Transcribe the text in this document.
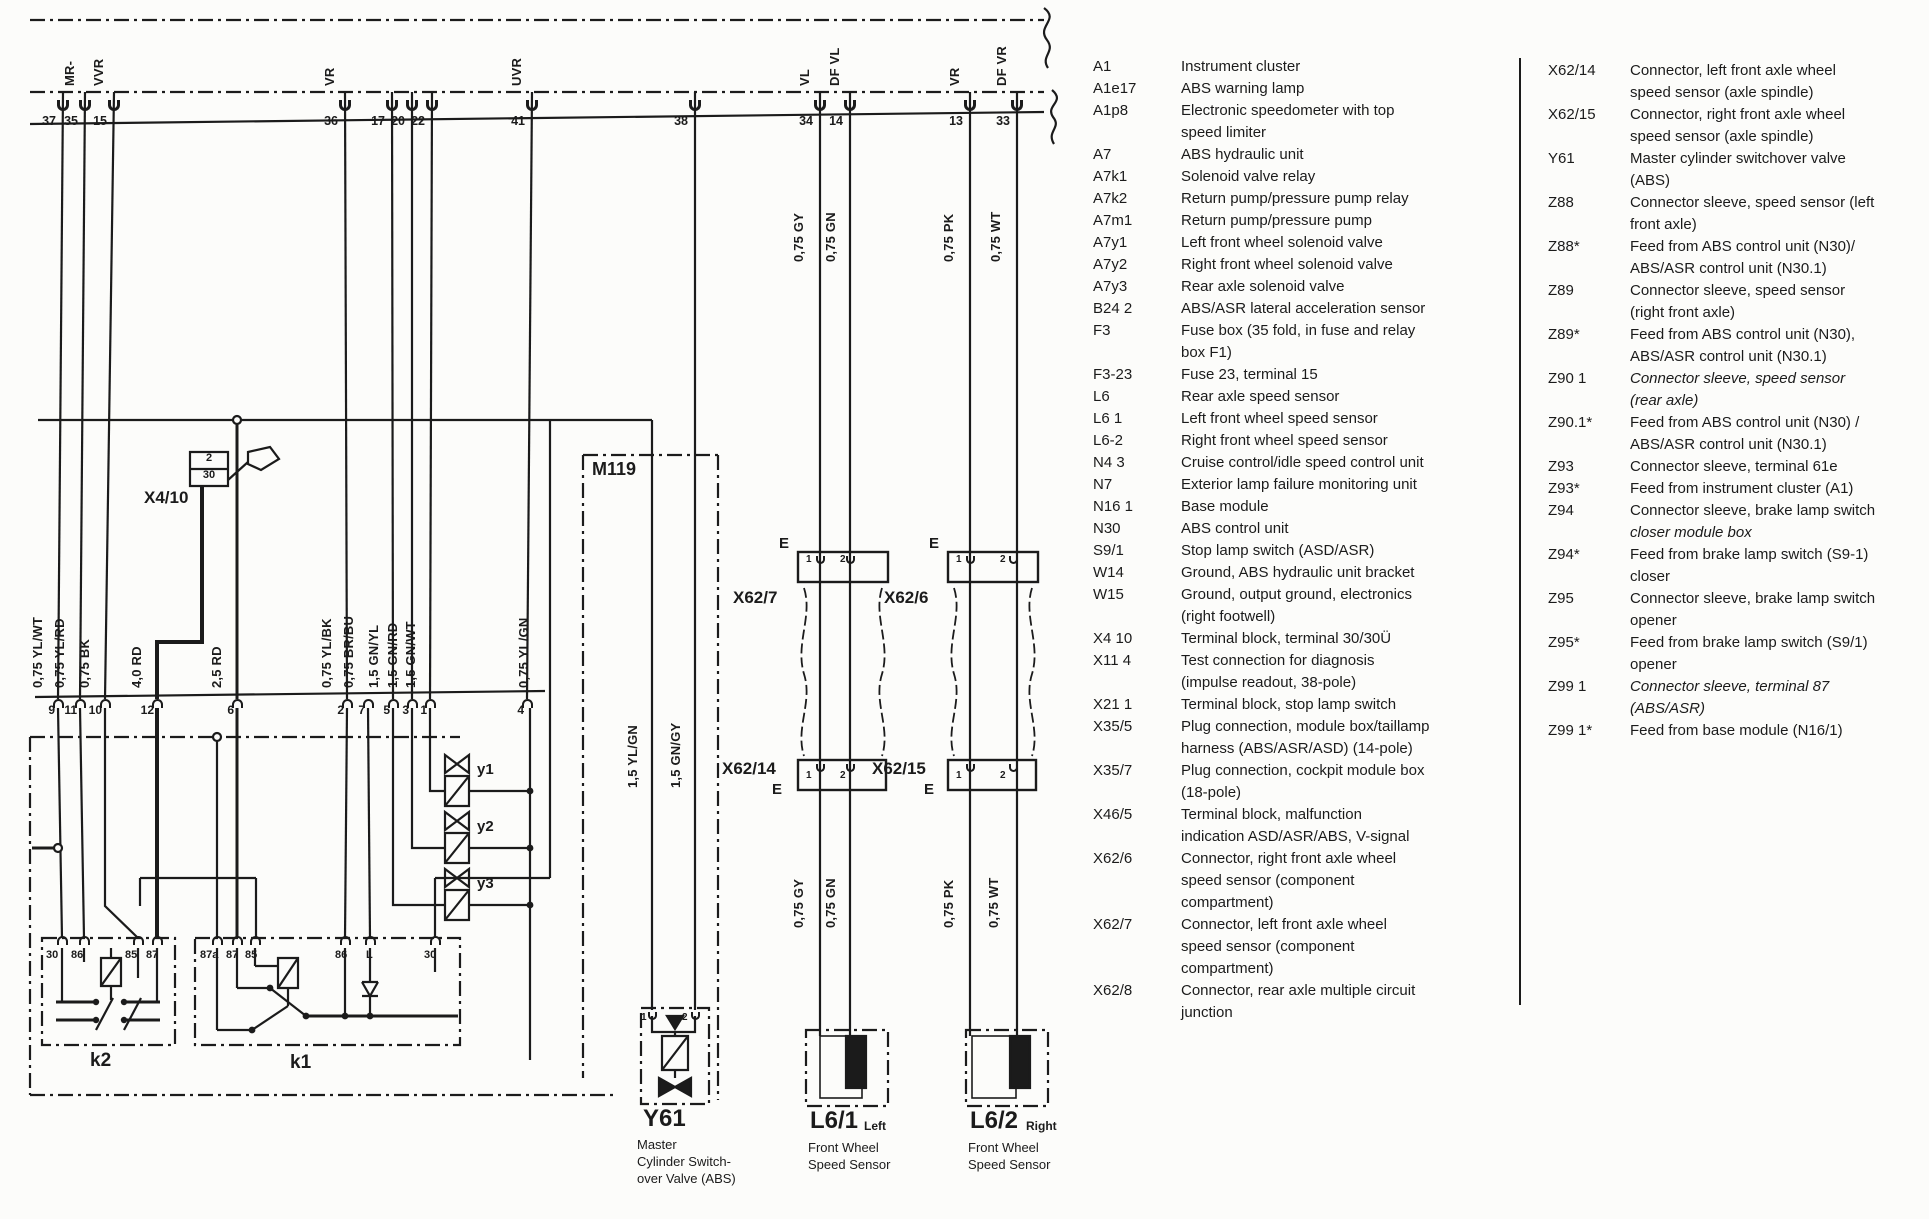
37 35	15	36	17 20 22	41	38	34	14	13	33
9 11 10	12	6	2	7	5	3 1	4
MR- VVR	VR	UVR	VL DF VL	VR DF VR
0,75 GY 0,75 GN	0,75 PK 0,75 WT
0,75 YL/WT 0,75 YL/RD 0,75 BK	4,0 RD	2,5 RD	0,75 YL/BK 0,75 BR/BU 1,5 GN/YL 1,5 GN/RD 1,5 GN/WT	0,75 YL/GN
1,5 YL/GN 1,5 GN/GY
0,75 GY 0,75 GN	0,75 PK 0,75 WT
X4/10
2
30	M119
E
X62/7
E
X62/6
X62/14
E
X62/15
E
y1
y2
y3
k2	k1
Y61
Master
Cylinder Switch-
over Valve (ABS)
L6/1 Left
Front Wheel
Speed Sensor
L6/2 Right
Front Wheel
Speed Sensor
30 86	85 87	87a 87 85	86 L	30
1	2	1	2
1	2	1	2
1	2
A1	Instrument cluster
A1e17	ABS warning lamp
A1p8	Electronic speedometer with top
speed limiter
A7	ABS hydraulic unit
A7k1	Solenoid valve relay
A7k2	Return pump/pressure pump relay
A7m1	Return pump/pressure pump
A7y1	Left front wheel solenoid valve
A7y2	Right front wheel solenoid valve
A7y3	Rear axle solenoid valve
B24 2	ABS/ASR lateral acceleration sensor
F3	Fuse box (35 fold, in fuse and relay
box F1)
F3-23	Fuse 23, terminal 15
L6	Rear axle speed sensor
L6 1	Left front wheel speed sensor
L6-2	Right front wheel speed sensor
N4 3	Cruise control/idle speed control unit
N7	Exterior lamp failure monitoring unit
N16 1	Base module
N30	ABS control unit
S9/1	Stop lamp switch (ASD/ASR)
W14	Ground, ABS hydraulic unit bracket
W15	Ground, output ground, electronics
(right footwell)
X4 10	Terminal block, terminal 30/30Ü
X11 4	Test connection for diagnosis
(impulse readout, 38-pole)
X21 1	Terminal block, stop lamp switch
X35/5	Plug connection, module box/taillamp
harness (ABS/ASR/ASD) (14-pole)
X35/7	Plug connection, cockpit module box
(18-pole)
X46/5	Terminal block, malfunction
indication ASD/ASR/ABS, V-signal
X62/6	Connector, right front axle wheel
speed sensor (component
compartment)
X62/7	Connector, left front axle wheel
speed sensor (component
compartment)
X62/8	Connector, rear axle multiple circuit
junction
X62/14	Connector, left front axle wheel
speed sensor (axle spindle)
X62/15	Connector, right front axle wheel
speed sensor (axle spindle)
Y61	Master cylinder switchover valve
(ABS)
Z88	Connector sleeve, speed sensor (left
front axle)
Z88*	Feed from ABS control unit (N30)/
ABS/ASR control unit (N30.1)
Z89	Connector sleeve, speed sensor
(right front axle)
Z89*	Feed from ABS control unit (N30),
ABS/ASR control unit (N30.1)
Z90 1	Connector sleeve, speed sensor
(rear axle)
Z90.1*	Feed from ABS control unit (N30) /
ABS/ASR control unit (N30.1)
Z93	Connector sleeve, terminal 61e
Z93*	Feed from instrument cluster (A1)
Z94	Connector sleeve, brake lamp switch
closer module box
Z94*	Feed from brake lamp switch (S9-1)
closer
Z95	Connector sleeve, brake lamp switch
opener
Z95*	Feed from brake lamp switch (S9/1)
opener
Z99 1	Connector sleeve, terminal 87
(ABS/ASR)
Z99 1*	Feed from base module (N16/1)
